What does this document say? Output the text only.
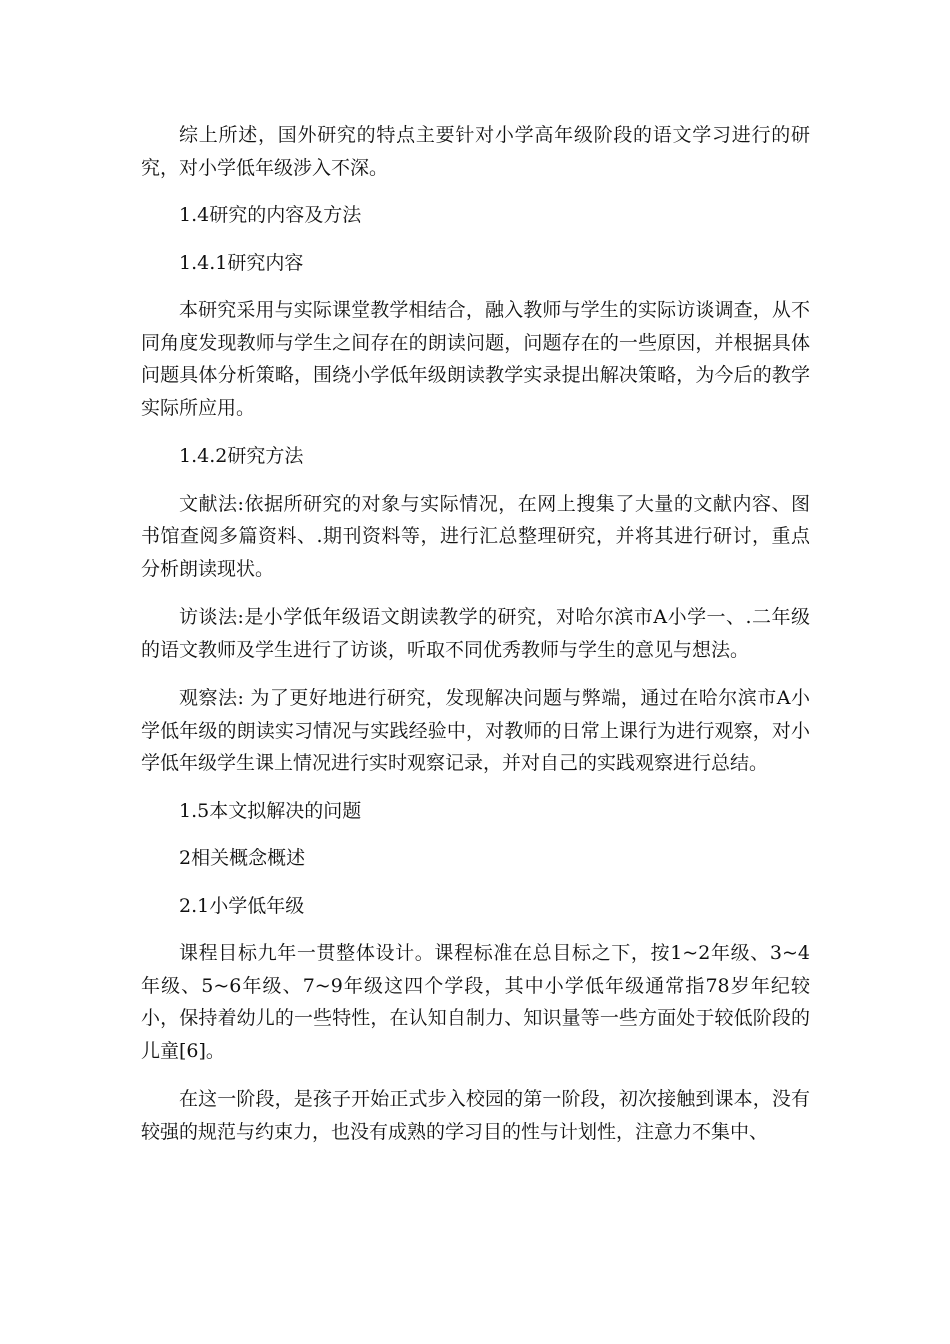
综上所述，国外研究的特点主要针对小学高年级阶段的语文学习进行的研究，对小学低年级涉入不深。

1.4研究的内容及方法

1.4.1研究内容

本研究采用与实际课堂教学相结合，融入教师与学生的实际访谈调查，从不同角度发现教师与学生之间存在的朗读问题，问题存在的一些原因，并根据具体问题具体分析策略，围绕小学低年级朗读教学实录提出解决策略，为今后的教学实际所应用。

1.4.2研究方法

文献法:依据所研究的对象与实际情况，在网上搜集了大量的文献内容、图书馆查阅多篇资料、.期刊资料等，进行汇总整理研究，并将其进行研讨，重点分析朗读现状。

访谈法:是小学低年级语文朗读教学的研究，对哈尔滨市A小学一、.二年级的语文教师及学生进行了访谈，听取不同优秀教师与学生的意见与想法。

观察法: 为了更好地进行研究，发现解决问题与弊端，通过在哈尔滨市A小学低年级的朗读实习情况与实践经验中，对教师的日常上课行为进行观察，对小学低年级学生课上情况进行实时观察记录，并对自己的实践观察进行总结。

1.5本文拟解决的问题

2相关概念概述

2.1小学低年级

课程目标九年一贯整体设计。课程标准在总目标之下，按1~2年级、3~4年级、5~6年级、7~9年级这四个学段，其中小学低年级通常指78岁年纪较小，保持着幼儿的一些特性，在认知自制力、知识量等一些方面处于较低阶段的儿童[6]。

在这一阶段，是孩子开始正式步入校园的第一阶段，初次接触到课本，没有较强的规范与约束力，也没有成熟的学习目的性与计划性，注意力不集中、
